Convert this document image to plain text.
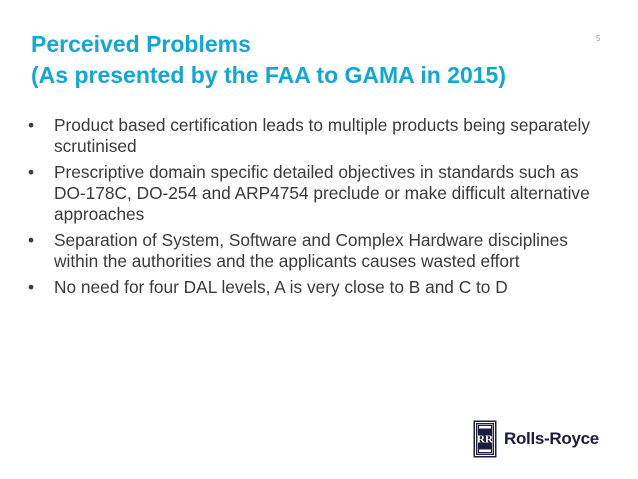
Perceived Problems
(As presented by the FAA to GAMA in 2015)
5
•	Product based certification leads to multiple products being separately scrutinised
•	Prescriptive domain specific detailed objectives in standards such as DO-178C, DO-254 and ARP4754 preclude or make difficult alternative approaches
•	Separation of System, Software and Complex Hardware disciplines within the authorities and the applicants causes wasted effort
•	No need for four DAL levels, A is very close to B and C to D
RR Rolls-Royce
